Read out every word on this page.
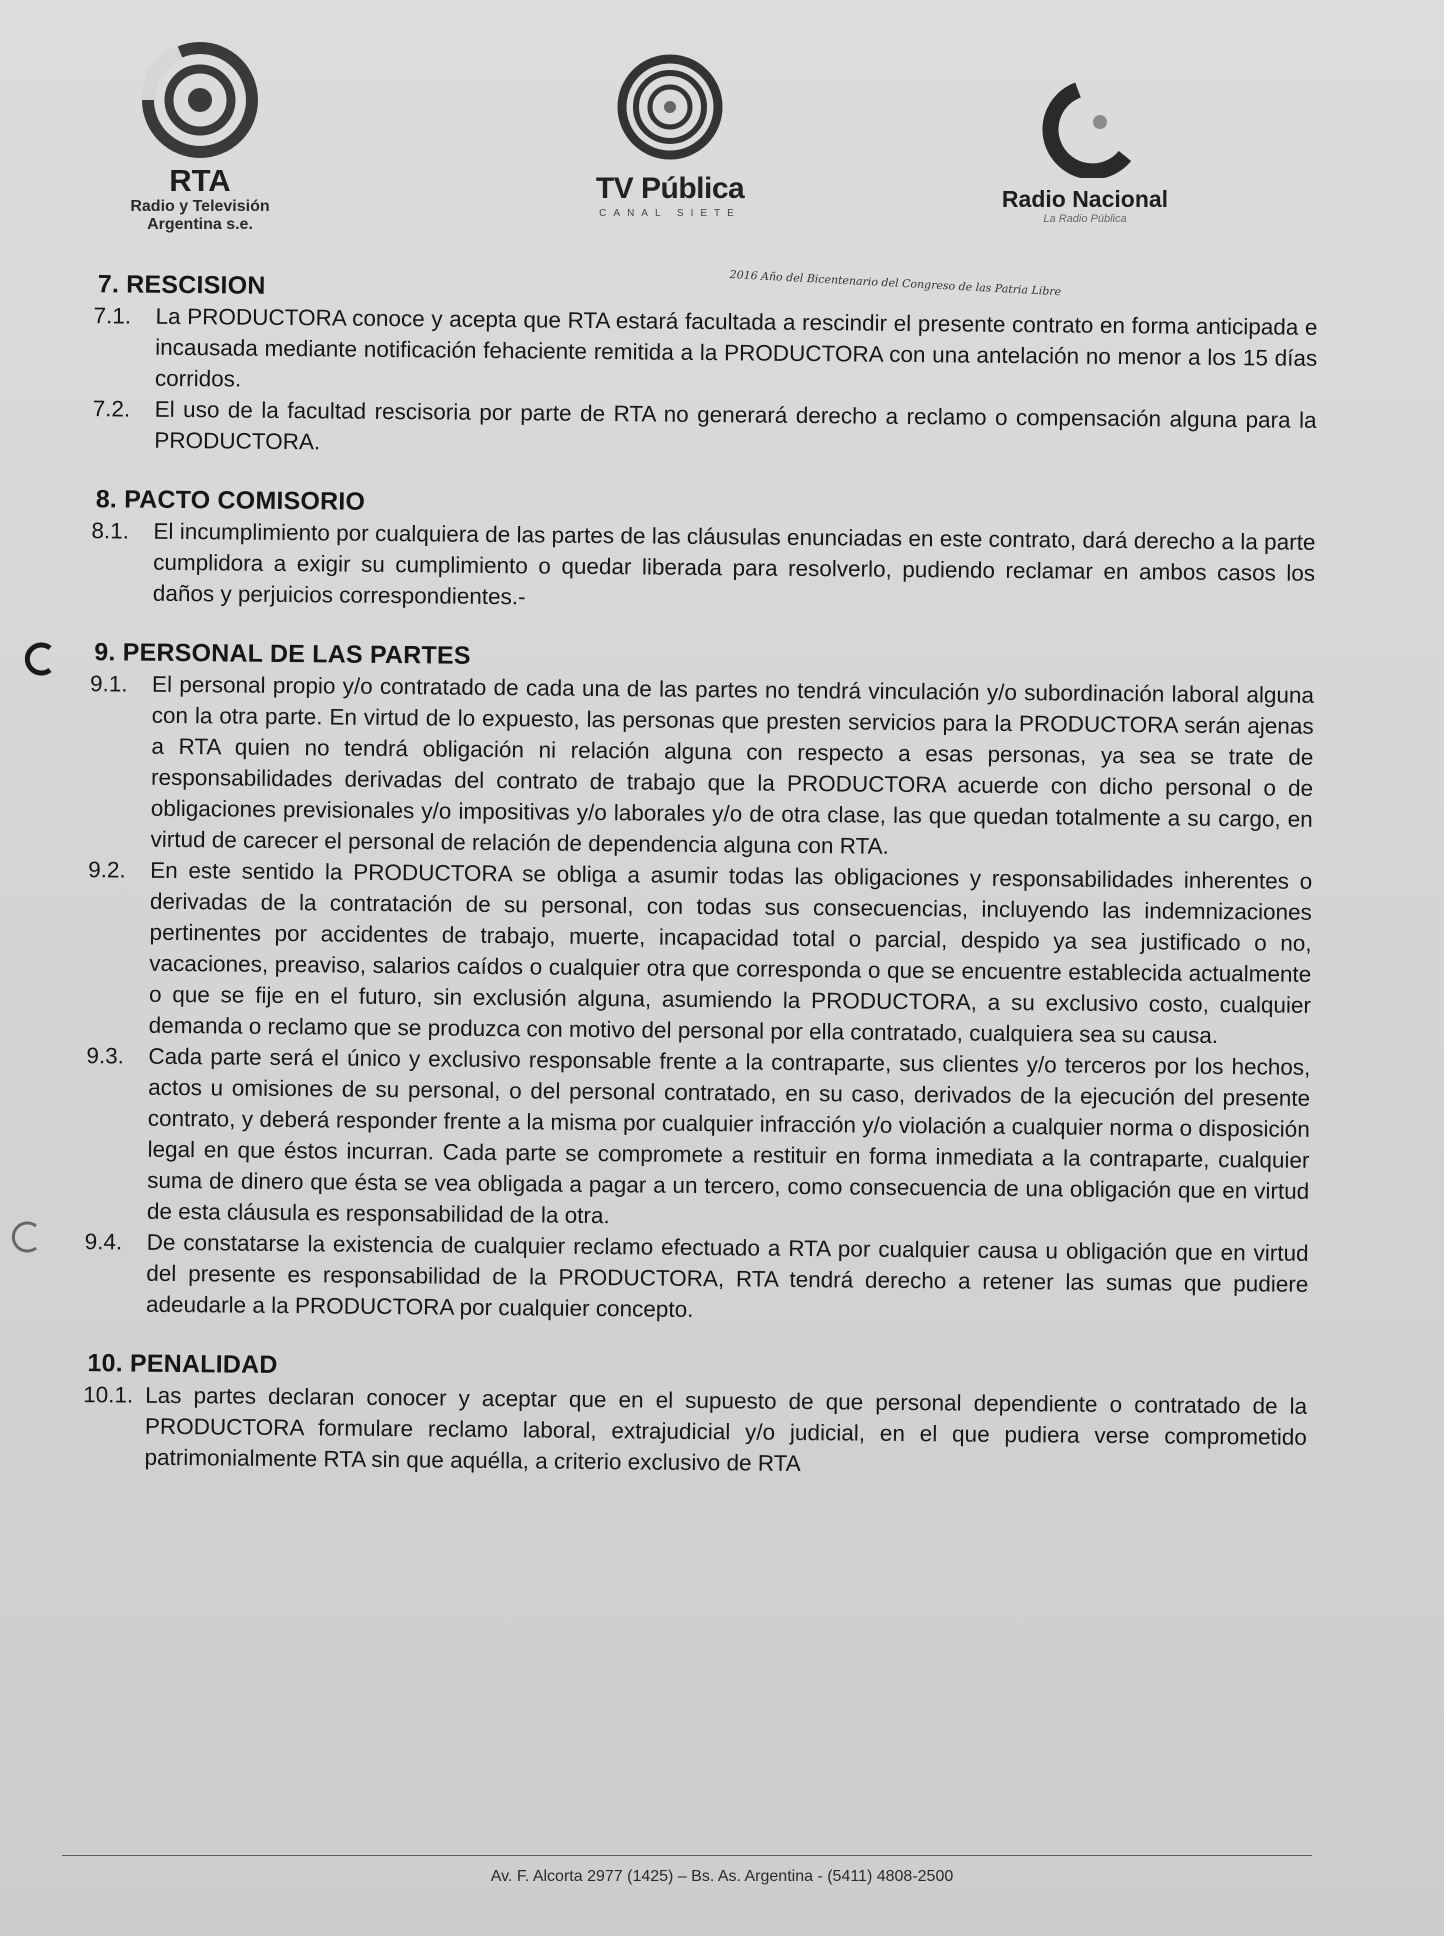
RTA
Radio y Televisión
Argentina s.e.
TV Pública
CANAL SIETE
Radio Nacional
La Radio Pública
2016 Año del Bicentenario del Congreso de las Patria Libre
7. RESCISION
7.1. La PRODUCTORA conoce y acepta que RTA estará facultada a rescindir el presente contrato en forma anticipada e incausada mediante notificación fehaciente remitida a la PRODUCTORA con una antelación no menor a los 15 días corridos.
7.2. El uso de la facultad rescisoria por parte de RTA no generará derecho a reclamo o compensación alguna para la PRODUCTORA.
8. PACTO COMISORIO
8.1. El incumplimiento por cualquiera de las partes de las cláusulas enunciadas en este contrato, dará derecho a la parte cumplidora a exigir su cumplimiento o quedar liberada para resolverlo, pudiendo reclamar en ambos casos los daños y perjuicios correspondientes.-
9. PERSONAL DE LAS PARTES
9.1. El personal propio y/o contratado de cada una de las partes no tendrá vinculación y/o subordinación laboral alguna con la otra parte. En virtud de lo expuesto, las personas que presten servicios para la PRODUCTORA serán ajenas a RTA quien no tendrá obligación ni relación alguna con respecto a esas personas, ya sea se trate de responsabilidades derivadas del contrato de trabajo que la PRODUCTORA acuerde con dicho personal o de obligaciones previsionales y/o impositivas y/o laborales y/o de otra clase, las que quedan totalmente a su cargo, en virtud de carecer el personal de relación de dependencia alguna con RTA.
9.2. En este sentido la PRODUCTORA se obliga a asumir todas las obligaciones y responsabilidades inherentes o derivadas de la contratación de su personal, con todas sus consecuencias, incluyendo las indemnizaciones pertinentes por accidentes de trabajo, muerte, incapacidad total o parcial, despido ya sea justificado o no, vacaciones, preaviso, salarios caídos o cualquier otra que corresponda o que se encuentre establecida actualmente o que se fije en el futuro, sin exclusión alguna, asumiendo la PRODUCTORA, a su exclusivo costo, cualquier demanda o reclamo que se produzca con motivo del personal por ella contratado, cualquiera sea su causa.
9.3. Cada parte será el único y exclusivo responsable frente a la contraparte, sus clientes y/o terceros por los hechos, actos u omisiones de su personal, o del personal contratado, en su caso, derivados de la ejecución del presente contrato, y deberá responder frente a la misma por cualquier infracción y/o violación a cualquier norma o disposición legal en que éstos incurran. Cada parte se compromete a restituir en forma inmediata a la contraparte, cualquier suma de dinero que ésta se vea obligada a pagar a un tercero, como consecuencia de una obligación que en virtud de esta cláusula es responsabilidad de la otra.
9.4. De constatarse la existencia de cualquier reclamo efectuado a RTA por cualquier causa u obligación que en virtud del presente es responsabilidad de la PRODUCTORA, RTA tendrá derecho a retener las sumas que pudiere adeudarle a la PRODUCTORA por cualquier concepto.
10. PENALIDAD
10.1. Las partes declaran conocer y aceptar que en el supuesto de que personal dependiente o contratado de la PRODUCTORA formulare reclamo laboral, extrajudicial y/o judicial, en el que pudiera verse comprometido patrimonialmente RTA sin que aquélla, a criterio exclusivo de RTA
Av. F. Alcorta 2977 (1425) – Bs. As. Argentina - (5411) 4808-2500
